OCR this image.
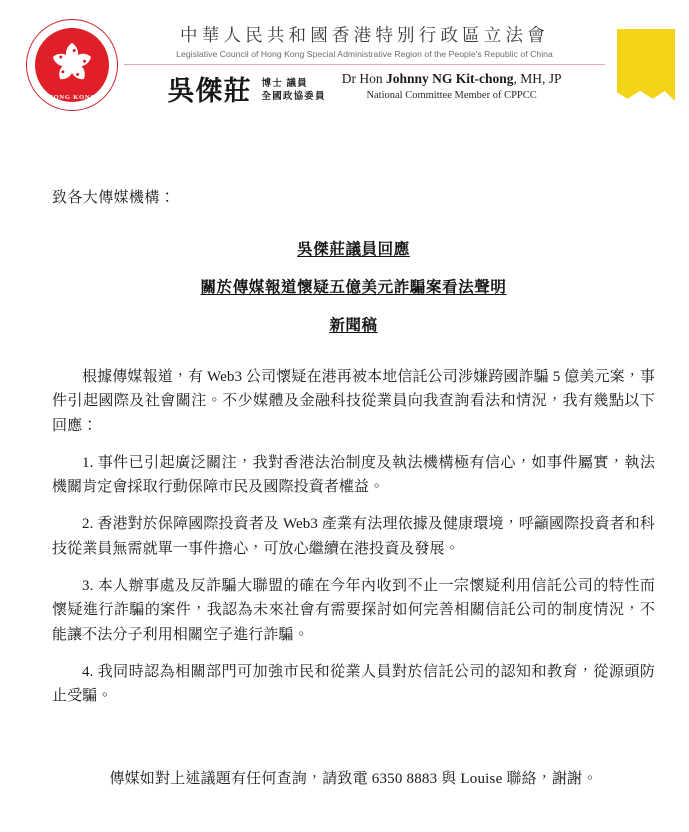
中華人民共和國香港特別行政區
HONG KONG
中華人民共和國香港特別行政區立法會
Legislative Council of Hong Kong Special Administrative Region of the People's Republic of China
吳傑莊 博士 議員
全國政協委員
Dr Hon Johnny NG Kit-chong, MH, JP
National Committee Member of CPPCC
致各大傳媒機構：
吳傑莊議員回應
關於傳媒報道懷疑五億美元詐騙案看法聲明
新聞稿
根據傳媒報道，有 Web3 公司懷疑在港再被本地信託公司涉嫌跨國詐騙 5 億美元案，事件引起國際及社會關注。不少媒體及金融科技從業員向我查詢看法和情況，我有幾點以下回應：
1. 事件已引起廣泛關注，我對香港法治制度及執法機構極有信心，如事件屬實，執法機關肯定會採取行動保障市民及國際投資者權益。
2. 香港對於保障國際投資者及 Web3 產業有法理依據及健康環境，呼籲國際投資者和科技從業員無需就單一事件擔心，可放心繼續在港投資及發展。
3. 本人辦事處及反詐騙大聯盟的確在今年內收到不止一宗懷疑利用信託公司的特性而懷疑進行詐騙的案件，我認為未來社會有需要探討如何完善相關信託公司的制度情況，不能讓不法分子利用相關空子進行詐騙。
4. 我同時認為相關部門可加強市民和從業人員對於信託公司的認知和教育，從源頭防止受騙。
傳媒如對上述議題有任何查詢，請致電 6350 8883 與 Louise 聯絡，謝謝。
